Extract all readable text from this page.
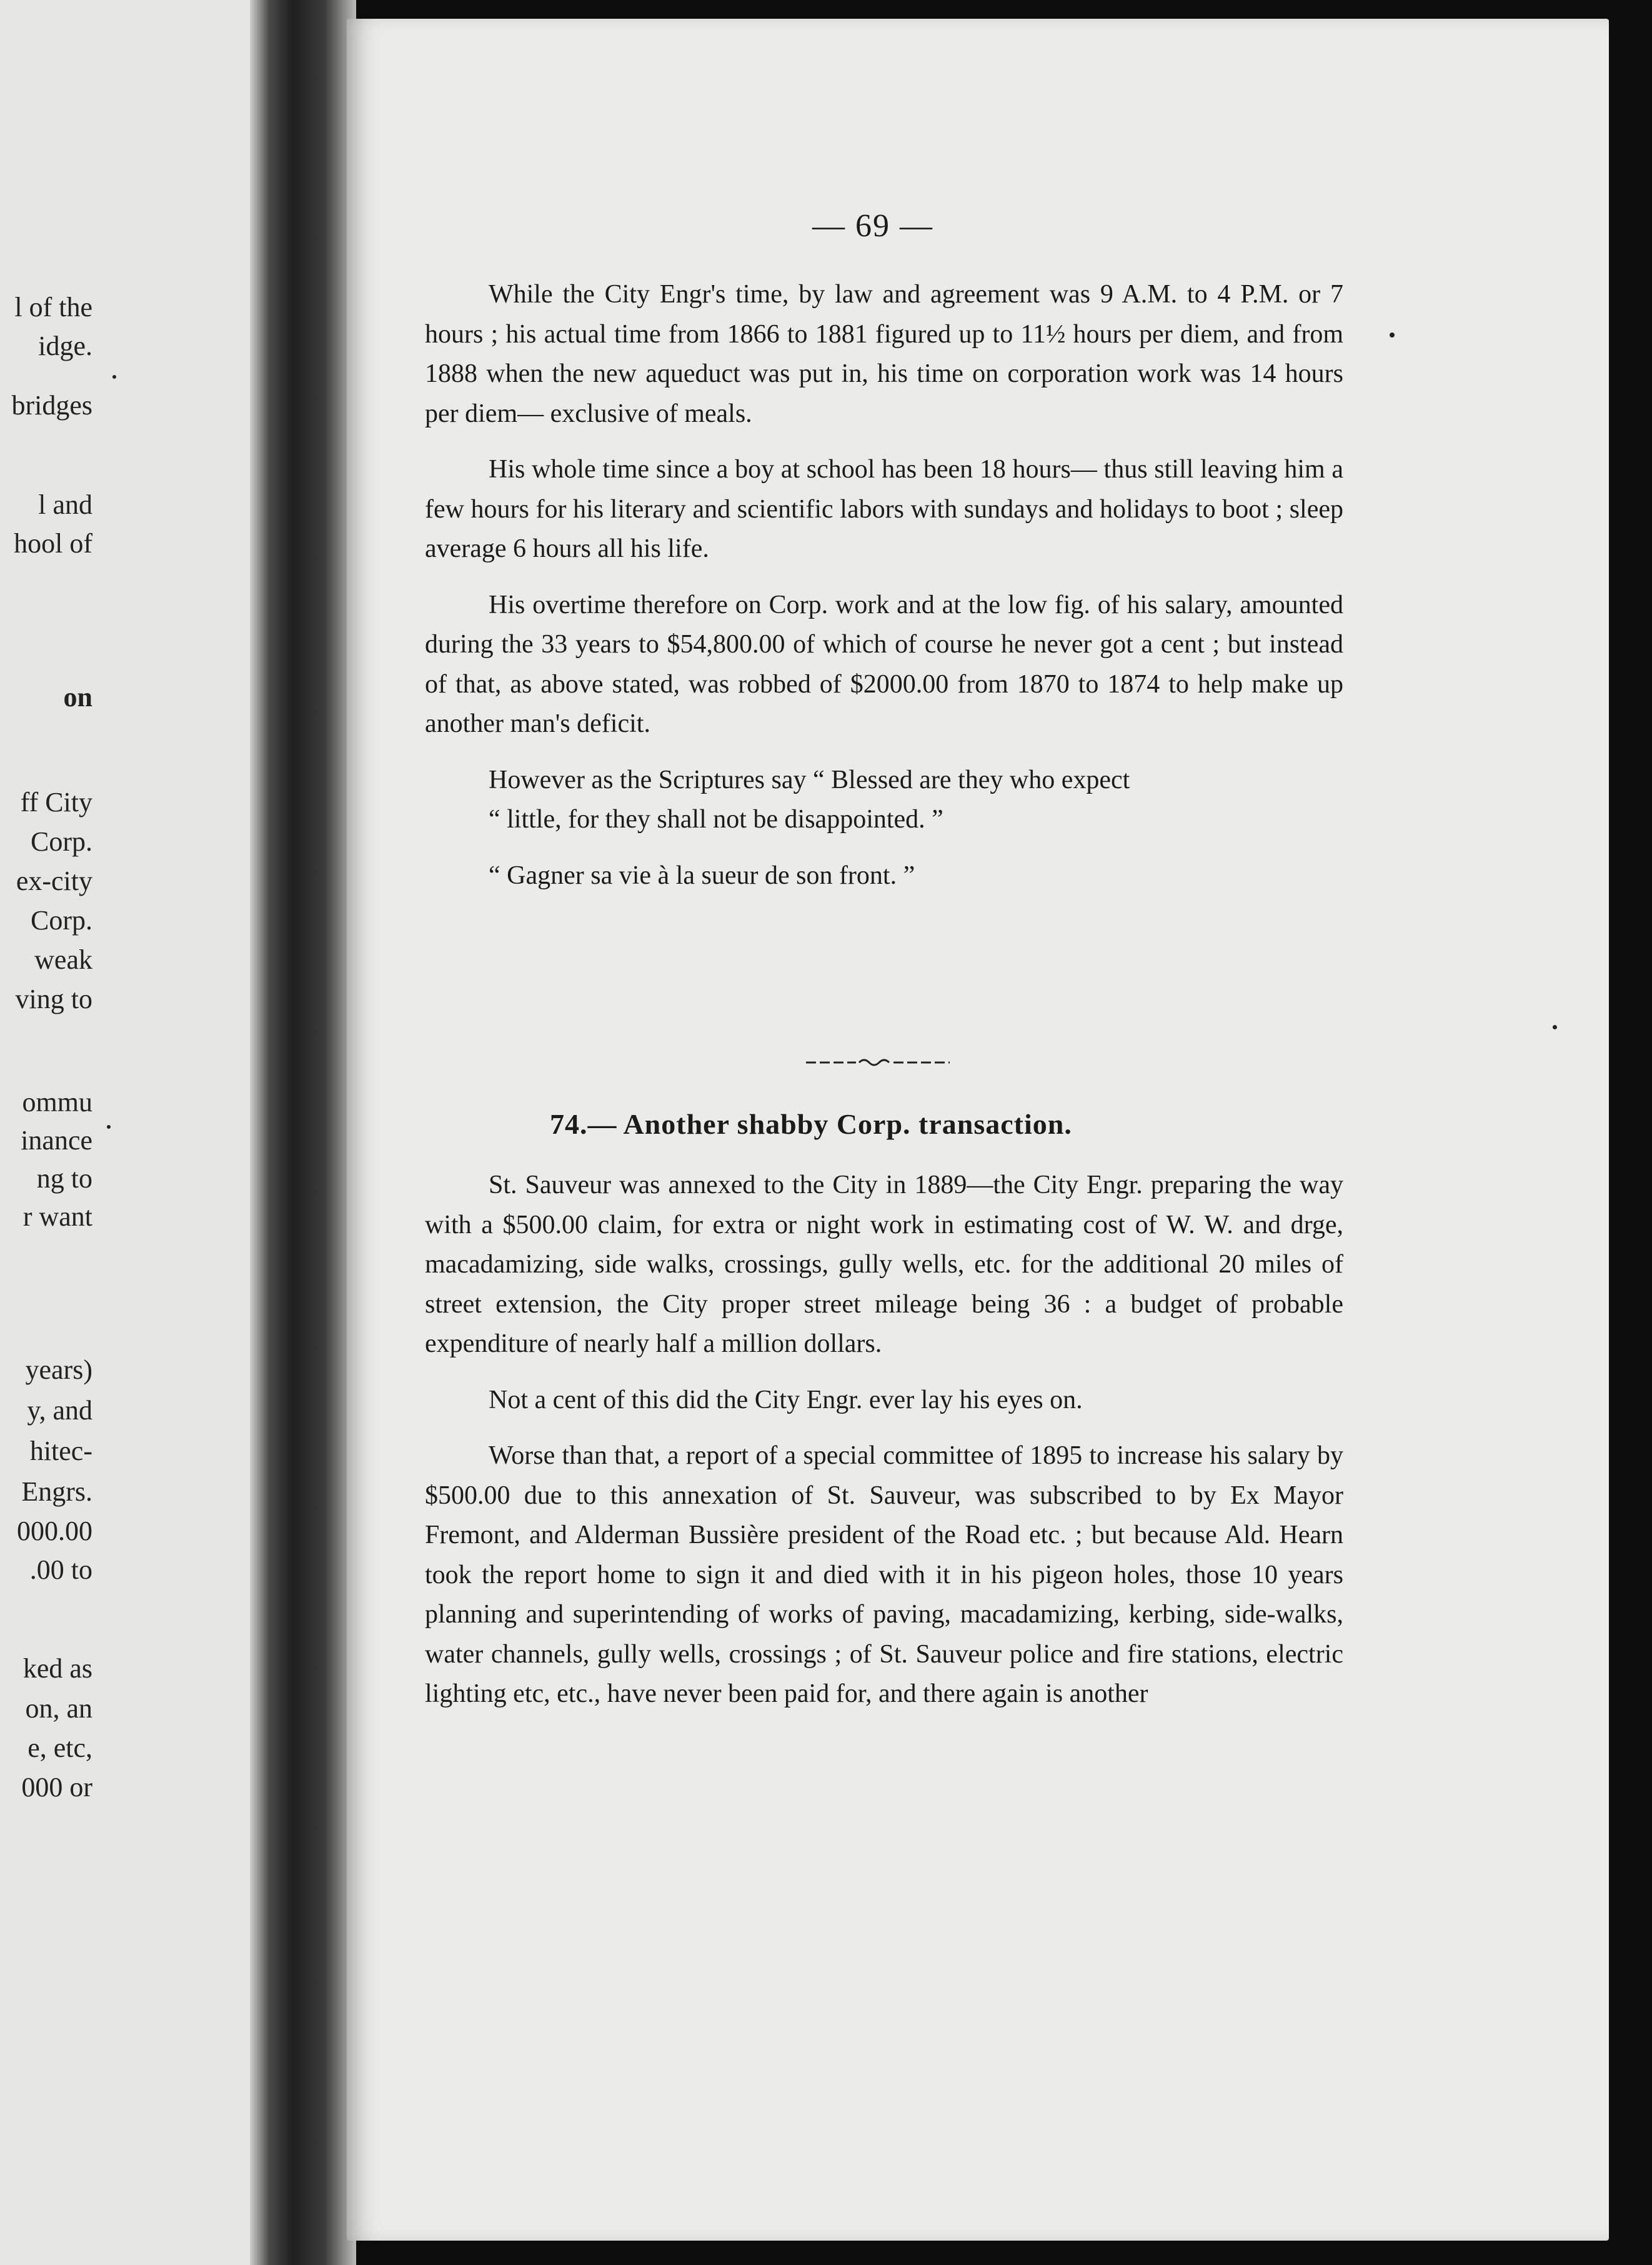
l of the
idge.
bridges
l and
hool of
on
ff City
Corp.
ex-city
Corp.
weak
ving to
ommu
inance
ng to
r want
years)
y, and
hitec-
Engrs.
000.00
.00 to
ked as
on, an
e, etc,
000 or
— 69 —

While the City Engr's time, by law and agreement was 9 A.M. to 4 P.M. or 7 hours ; his actual time from 1866 to 1881 figured up to 11½ hours per diem, and from 1888 when the new aqueduct was put in, his time on corporation work was 14 hours per diem— exclusive of meals.

His whole time since a boy at school has been 18 hours— thus still leaving him a few hours for his literary and scientific labors with sundays and holidays to boot ; sleep average 6 hours all his life.

His overtime therefore on Corp. work and at the low fig. of his salary, amounted during the 33 years to $54,800.00 of which of course he never got a cent ; but instead of that, as above stated, was robbed of $2000.00 from 1870 to 1874 to help make up another man's deficit.

However as the Scriptures say “ Blessed are they who expect

“ little, for they shall not be disappointed. ”

“ Gagner sa vie à la sueur de son front. ”

74.— Another shabby Corp. transaction.

St. Sauveur was annexed to the City in 1889—the City Engr. preparing the way with a $500.00 claim, for extra or night work in estimating cost of W. W. and drge, macadamizing, side walks, crossings, gully wells, etc. for the additional 20 miles of street extension, the City proper street mileage being 36 : a budget of probable expenditure of nearly half a million dollars.

Not a cent of this did the City Engr. ever lay his eyes on.

Worse than that, a report of a special committee of 1895 to increase his salary by $500.00 due to this annexation of St. Sauveur, was subscribed to by Ex Mayor Fremont, and Alderman Bussière president of the Road etc. ; but because Ald. Hearn took the report home to sign it and died with it in his pigeon holes, those 10 years planning and superintending of works of paving, macadamizing, kerbing, side-walks, water channels, gully wells, crossings ; of St. Sauveur police and fire stations, electric lighting etc, etc., have never been paid for, and there again is another
